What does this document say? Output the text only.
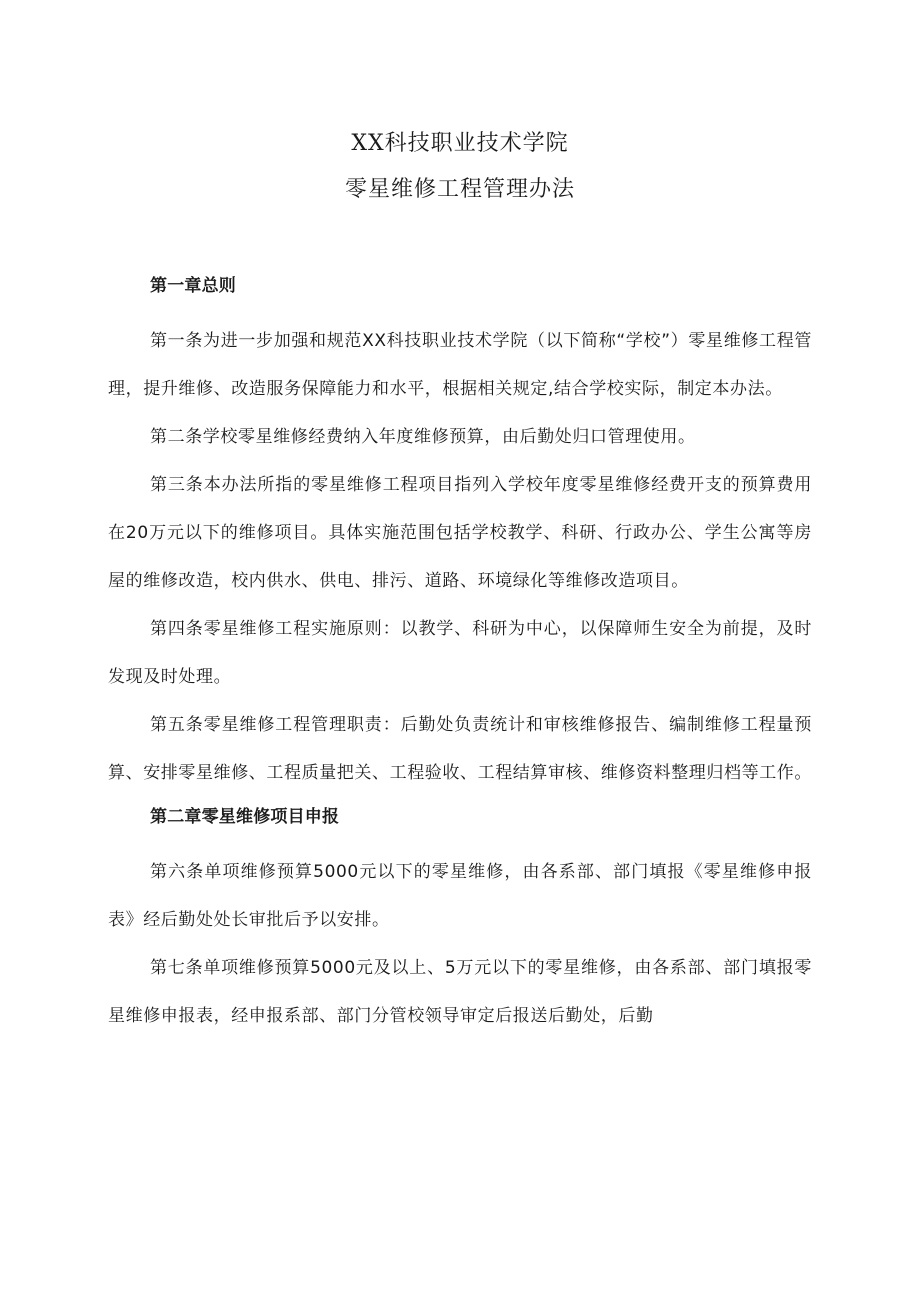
XX科技职业技术学院
零星维修工程管理办法

第一章总则

第一条为进一步加强和规范XX科技职业技术学院（以下简称“学校”）零星维修工程管理，提升维修、改造服务保障能力和水平，根据相关规定,结合学校实际，制定本办法。

第二条学校零星维修经费纳入年度维修预算，由后勤处归口管理使用。

第三条本办法所指的零星维修工程项目指列入学校年度零星维修经费开支的预算费用在20万元以下的维修项目。具体实施范围包括学校教学、科研、行政办公、学生公寓等房屋的维修改造，校内供水、供电、排污、道路、环境绿化等维修改造项目。

第四条零星维修工程实施原则：以教学、科研为中心，以保障师生安全为前提，及时发现及时处理。

第五条零星维修工程管理职责：后勤处负责统计和审核维修报告、编制维修工程量预算、安排零星维修、工程质量把关、工程验收、工程结算审核、维修资料整理归档等工作。

第二章零星维修项目申报

第六条单项维修预算5000元以下的零星维修，由各系部、部门填报《零星维修申报表》经后勤处处长审批后予以安排。

第七条单项维修预算5000元及以上、5万元以下的零星维修，由各系部、部门填报零星维修申报表，经申报系部、部门分管校领导审定后报送后勤处，后勤
